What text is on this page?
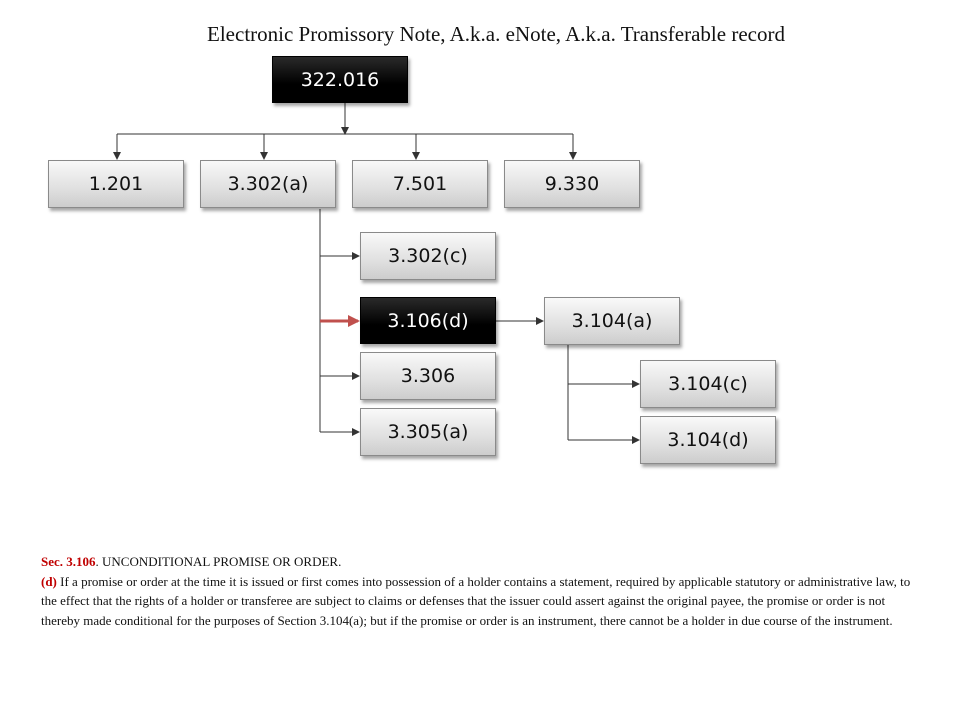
Electronic Promissory Note, A.k.a. eNote, A.k.a. Transferable record
322.016
1.201	3.302(a)	7.501	9.330
3.302(c)
3.106(d)
3.306
3.305(a)
3.104(a)
3.104(c)
3.104(d)
Sec. 3.106. UNCONDITIONAL PROMISE OR ORDER.
(d) If a promise or order at the time it is issued or first comes into possession of a holder contains a statement, required by applicable statutory or administrative law, to the effect that the rights of a holder or transferee are subject to claims or defenses that the issuer could assert against the original payee, the promise or order is not thereby made conditional for the purposes of Section 3.104(a); but if the promise or order is an instrument, there cannot be a holder in due course of the instrument.
